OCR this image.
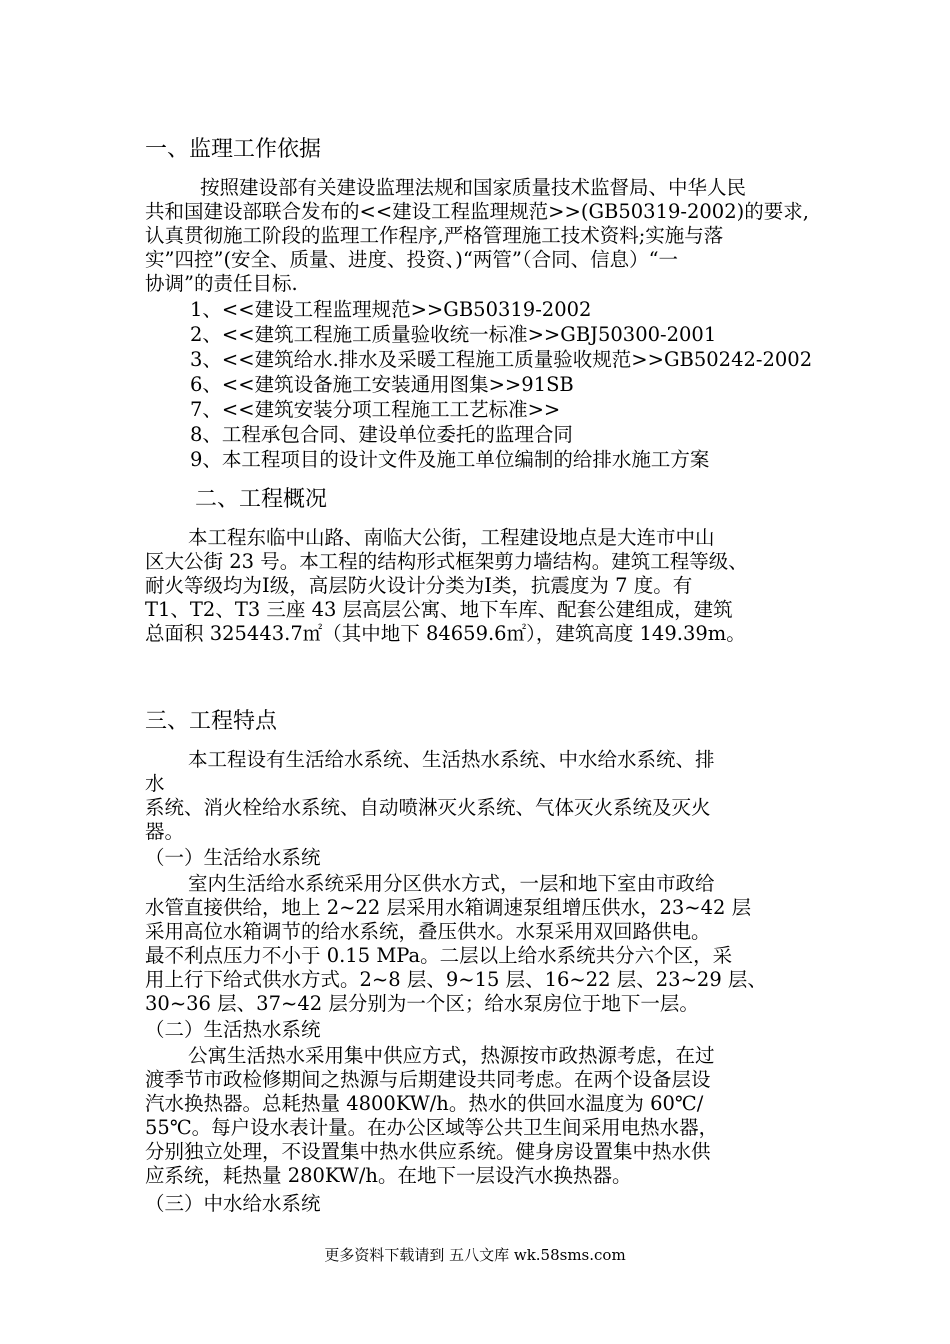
一、监理工作依据
按照建设部有关建设监理法规和国家质量技术监督局、中华人民
共和国建设部联合发布的<<建设工程监理规范>>(GB50319-2002)的要求,
认真贯彻施工阶段的监理工作程序,严格管理施工技术资料;实施与落
实”四控”(安全、质量、进度、投资、)“两管”（合同、信息）“一
协调”的责任目标.
1、<<建设工程监理规范>>GB50319-2002
2、<<建筑工程施工质量验收统一标准>>GBJ50300-2001
3、<<建筑给水.排水及采暖工程施工质量验收规范>>GB50242-2002
6、<<建筑设备施工安装通用图集>>91SB
7、<<建筑安装分项工程施工工艺标准>>
8、工程承包合同、建设单位委托的监理合同
9、本工程项目的设计文件及施工单位编制的给排水施工方案
二、工程概况
本工程东临中山路、南临大公街，工程建设地点是大连市中山
区大公街 23 号。本工程的结构形式框架剪力墙结构。建筑工程等级、
耐火等级均为Ⅰ级，高层防火设计分类为Ⅰ类，抗震度为 7 度。有
T1、T2、T3 三座 43 层高层公寓、地下车库、配套公建组成，建筑
总面积 325443.7㎡（其中地下 84659.6㎡），建筑高度 149.39m。
三、工程特点
本工程设有生活给水系统、生活热水系统、中水给水系统、排
水
系统、消火栓给水系统、自动喷淋灭火系统、气体灭火系统及灭火
器。
（一）生活给水系统
室内生活给水系统采用分区供水方式，一层和地下室由市政给
水管直接供给，地上 2~22 层采用水箱调速泵组增压供水，23~42 层
采用高位水箱调节的给水系统，叠压供水。水泵采用双回路供电。
最不利点压力不小于 0.15 MPa。二层以上给水系统共分六个区，采
用上行下给式供水方式。2~8 层、9~15 层、16~22 层、23~29 层、
30~36 层、37~42 层分别为一个区；给水泵房位于地下一层。
（二）生活热水系统
公寓生活热水采用集中供应方式，热源按市政热源考虑，在过
渡季节市政检修期间之热源与后期建设共同考虑。在两个设备层设
汽水换热器。总耗热量 4800KW/h。热水的供回水温度为 60℃/
55℃。每户设水表计量。在办公区域等公共卫生间采用电热水器，
分别独立处理，不设置集中热水供应系统。健身房设置集中热水供
应系统，耗热量 280KW/h。在地下一层设汽水换热器。
（三）中水给水系统
更多资料下载请到 五八文库 wk.58sms.com
